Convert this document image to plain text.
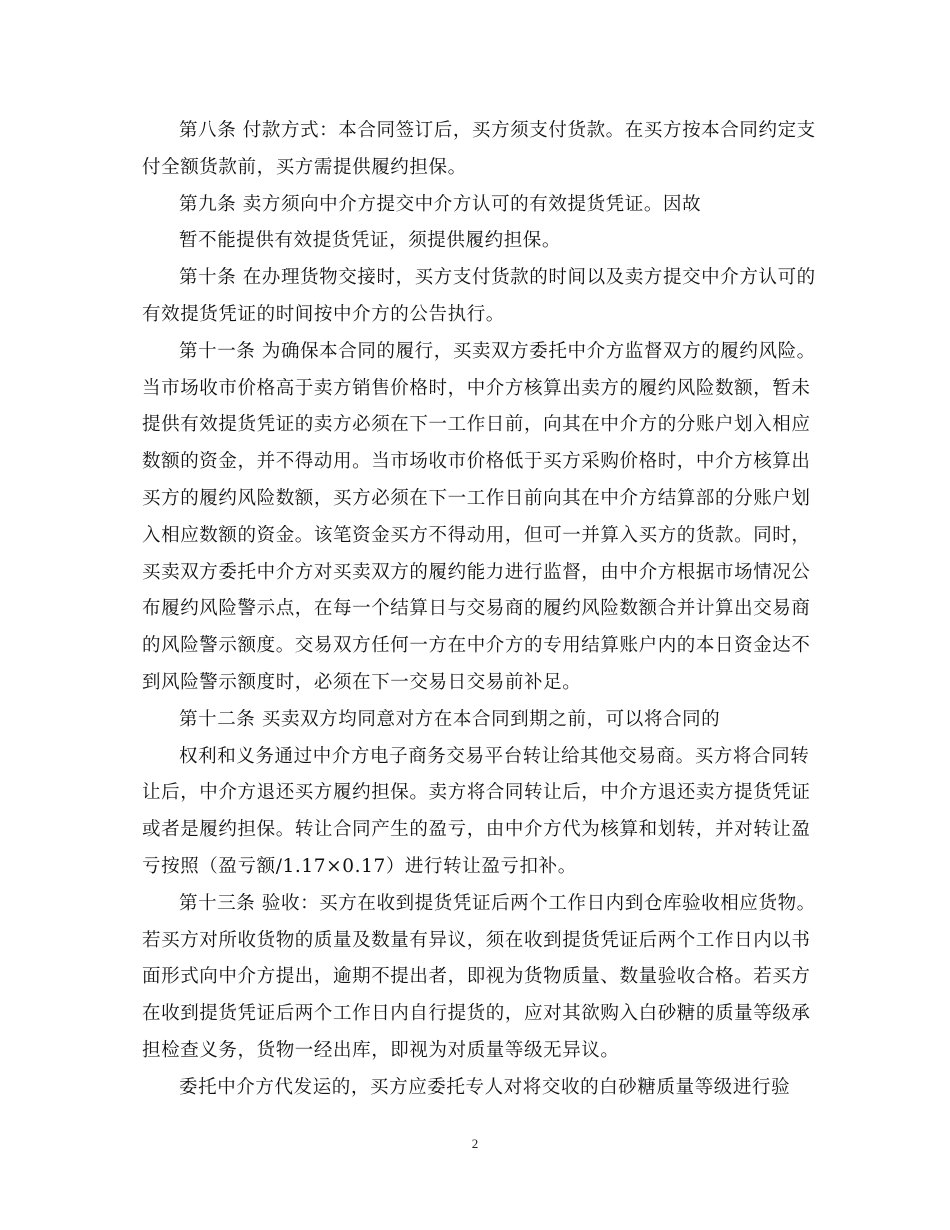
第八条 付款方式：本合同签订后，买方须支付货款。在买方按本合同约定支
付全额货款前，买方需提供履约担保。
第九条 卖方须向中介方提交中介方认可的有效提货凭证。因故
暂不能提供有效提货凭证，须提供履约担保。
第十条 在办理货物交接时，买方支付货款的时间以及卖方提交中介方认可的
有效提货凭证的时间按中介方的公告执行。
第十一条 为确保本合同的履行，买卖双方委托中介方监督双方的履约风险。
当市场收市价格高于卖方销售价格时，中介方核算出卖方的履约风险数额，暂未
提供有效提货凭证的卖方必须在下一工作日前，向其在中介方的分账户划入相应
数额的资金，并不得动用。当市场收市价格低于买方采购价格时，中介方核算出
买方的履约风险数额，买方必须在下一工作日前向其在中介方结算部的分账户划
入相应数额的资金。该笔资金买方不得动用，但可一并算入买方的货款。同时，
买卖双方委托中介方对买卖双方的履约能力进行监督，由中介方根据市场情况公
布履约风险警示点，在每一个结算日与交易商的履约风险数额合并计算出交易商
的风险警示额度。交易双方任何一方在中介方的专用结算账户内的本日资金达不
到风险警示额度时，必须在下一交易日交易前补足。
第十二条 买卖双方均同意对方在本合同到期之前，可以将合同的
权利和义务通过中介方电子商务交易平台转让给其他交易商。买方将合同转
让后，中介方退还买方履约担保。卖方将合同转让后，中介方退还卖方提货凭证
或者是履约担保。转让合同产生的盈亏，由中介方代为核算和划转，并对转让盈
亏按照（盈亏额/1.17×0.17）进行转让盈亏扣补。
第十三条 验收：买方在收到提货凭证后两个工作日内到仓库验收相应货物。
若买方对所收货物的质量及数量有异议，须在收到提货凭证后两个工作日内以书
面形式向中介方提出，逾期不提出者，即视为货物质量、数量验收合格。若买方
在收到提货凭证后两个工作日内自行提货的，应对其欲购入白砂糖的质量等级承
担检查义务，货物一经出库，即视为对质量等级无异议。
委托中介方代发运的，买方应委托专人对将交收的白砂糖质量等级进行验
2
